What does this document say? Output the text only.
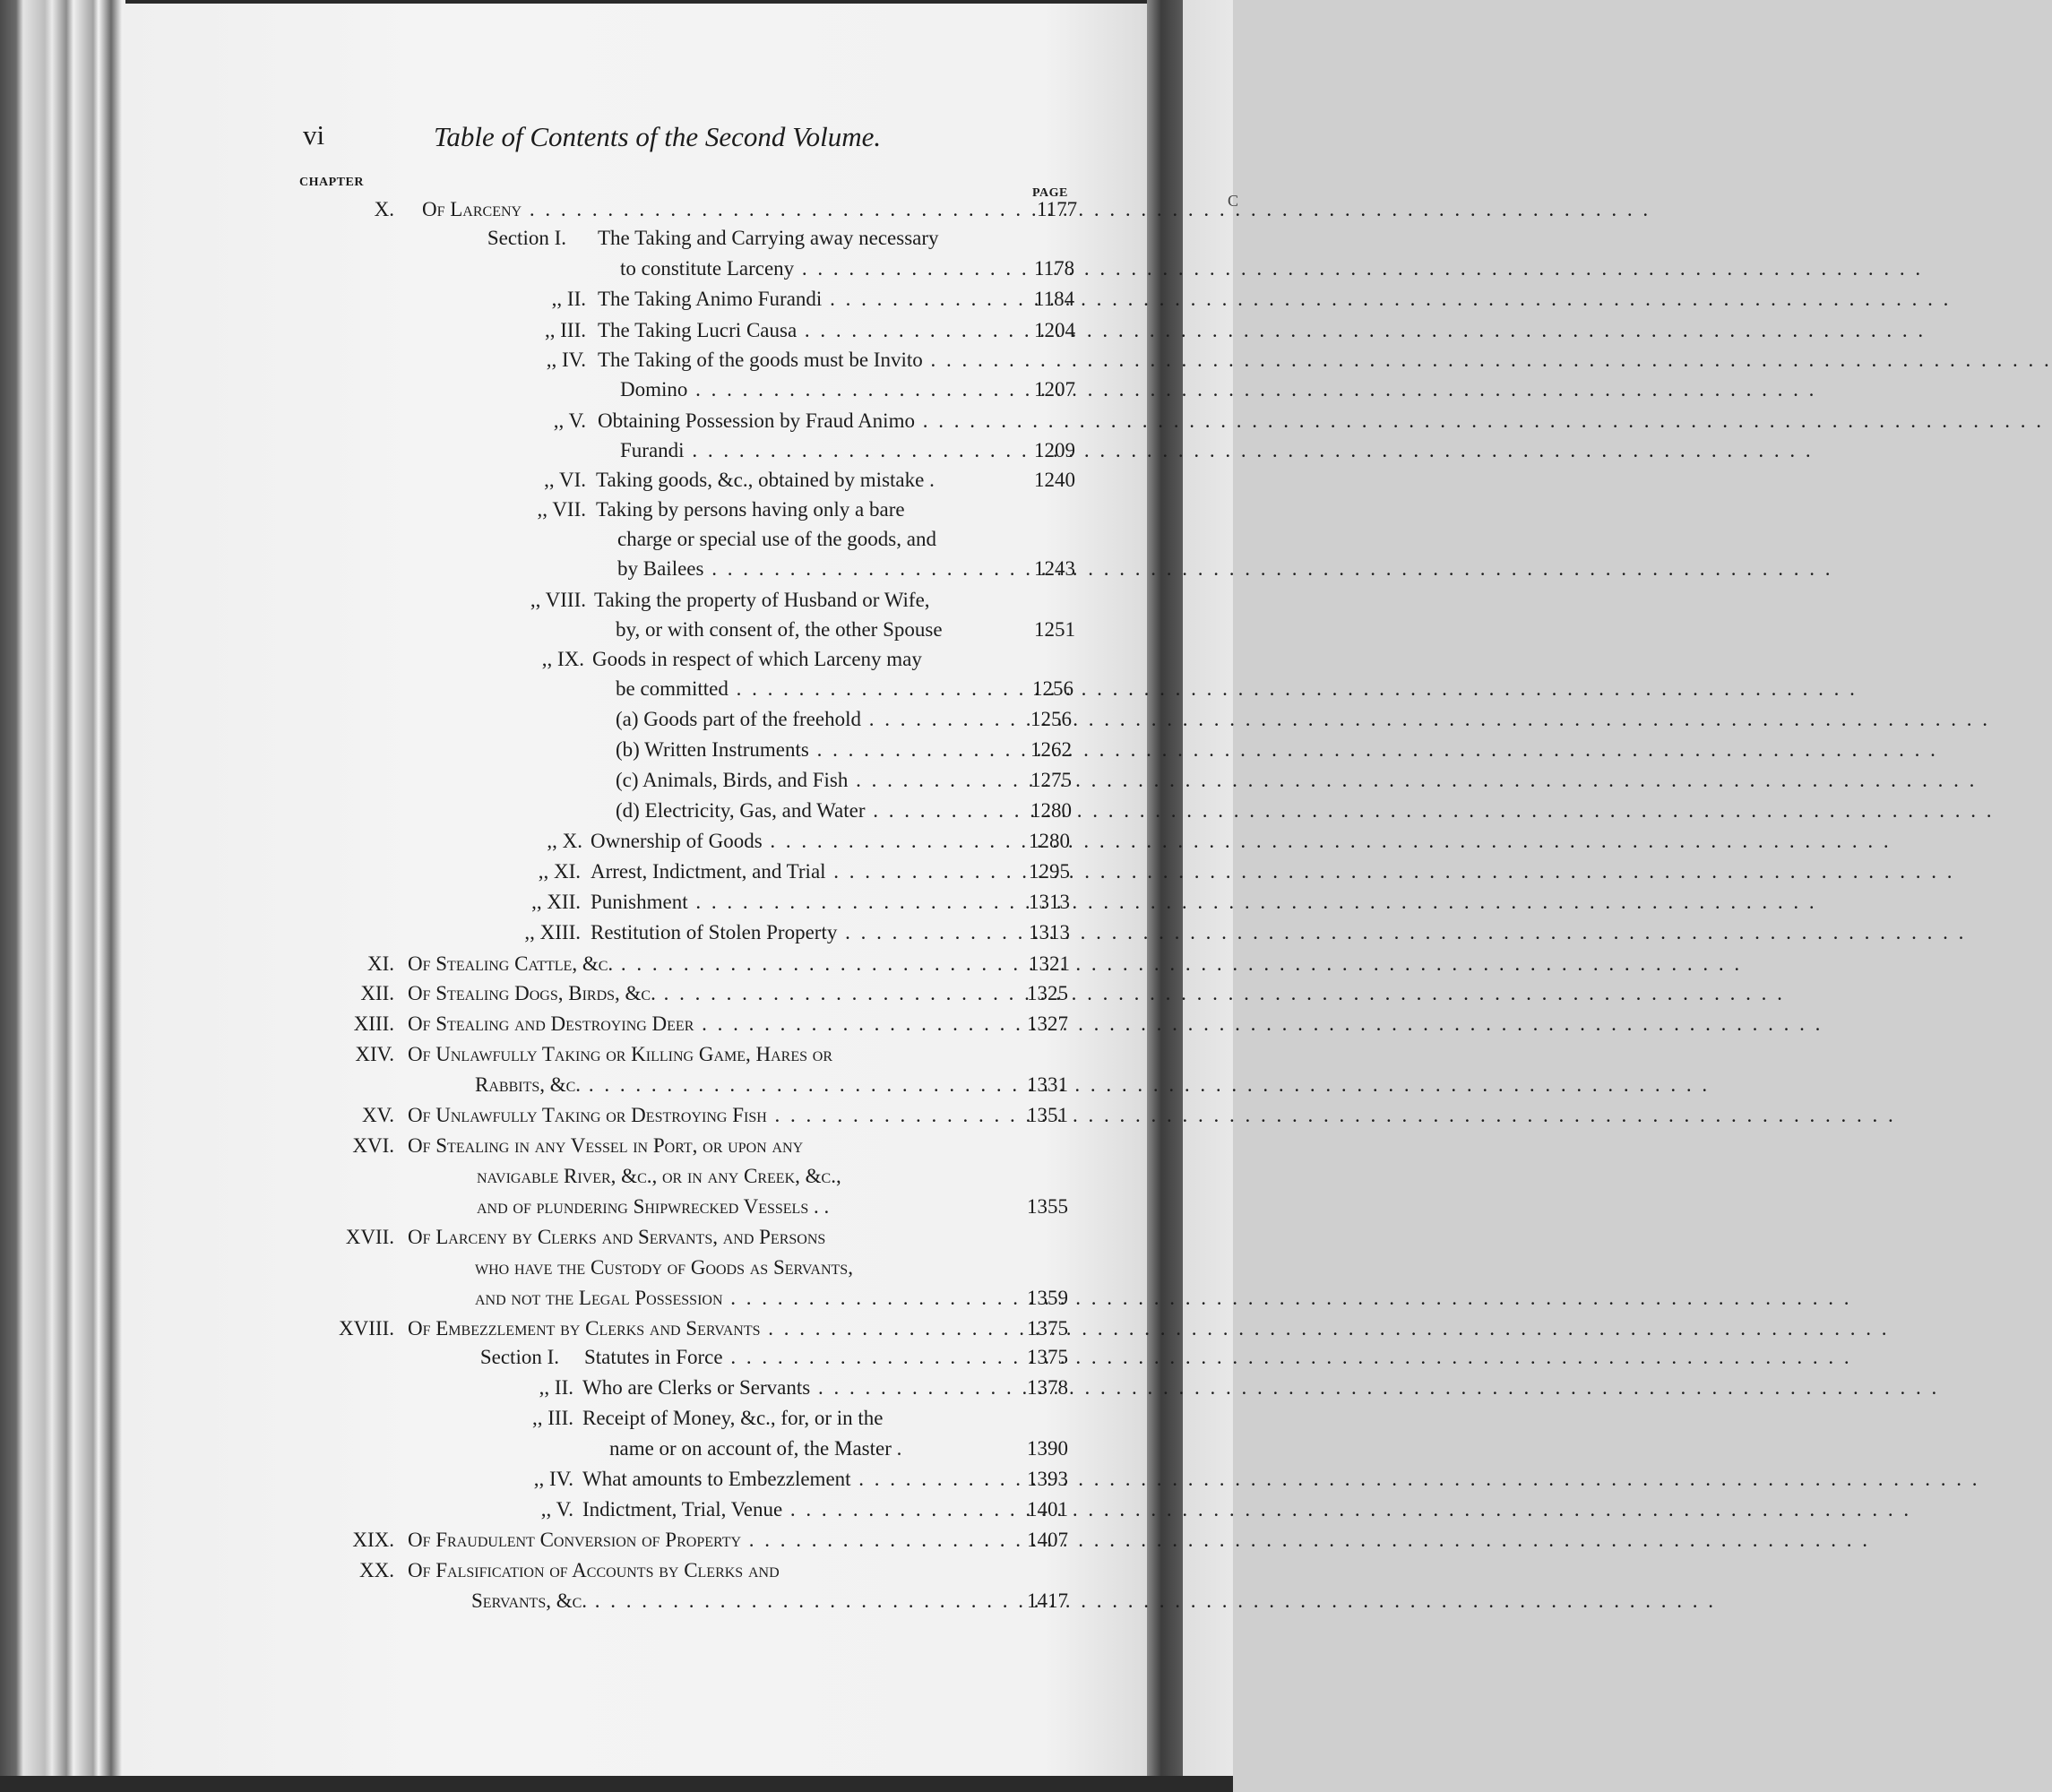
C
vi	Table of Contents of the Second Volume.
CHAPTER
PAGE
X. Of Larceny . . .	1177
Section I. The Taking and Carrying away necessary
to constitute Larceny . . .	1178
,, II. The Taking Animo Furandi . . .	1184
,, III. The Taking Lucri Causa . . .	1204
,, IV. The Taking of the goods must be Invito . . .
Domino . . .	1207
,, V. Obtaining Possession by Fraud Animo . . .
Furandi . . .	1209
,, VI. Taking goods, &c., obtained by mistake .	1240
,, VII. Taking by persons having only a bare
charge or special use of the goods, and
by Bailees . . .	1243
,, VIII. Taking the property of Husband or Wife,
by, or with consent of, the other Spouse	1251
,, IX. Goods in respect of which Larceny may
be committed . . .	1256
(a) Goods part of the freehold . . .	1256
(b) Written Instruments . . .	1262
(c) Animals, Birds, and Fish . . .	1275
(d) Electricity, Gas, and Water . . .	1280
,, X. Ownership of Goods . . .	1280
,, XI. Arrest, Indictment, and Trial . . .	1295
,, XII. Punishment . . .	1313
,, XIII. Restitution of Stolen Property . . .	1313
XI. Of Stealing Cattle, &c. . . .	1321
XII. Of Stealing Dogs, Birds, &c. . . .	1325
XIII. Of Stealing and Destroying Deer . . .	1327
XIV. Of Unlawfully Taking or Killing Game, Hares or
Rabbits, &c. . . .	1331
XV. Of Unlawfully Taking or Destroying Fish . . .	1351
XVI. Of Stealing in any Vessel in Port, or upon any
navigable River, &c., or in any Creek, &c.,
and of plundering Shipwrecked Vessels . .	1355
XVII. Of Larceny by Clerks and Servants, and Persons
who have the Custody of Goods as Servants,
and not the Legal Possession . . .	1359
XVIII. Of Embezzlement by Clerks and Servants . . .	1375
Section I. Statutes in Force . . .	1375
,, II. Who are Clerks or Servants . . .	1378
,, III. Receipt of Money, &c., for, or in the
name or on account of, the Master .	1390
,, IV. What amounts to Embezzlement . . .	1393
,, V. Indictment, Trial, Venue . . .	1401
XIX. Of Fraudulent Conversion of Property . . .	1407
XX. Of Falsification of Accounts by Clerks and
Servants, &c. . . .	1417
